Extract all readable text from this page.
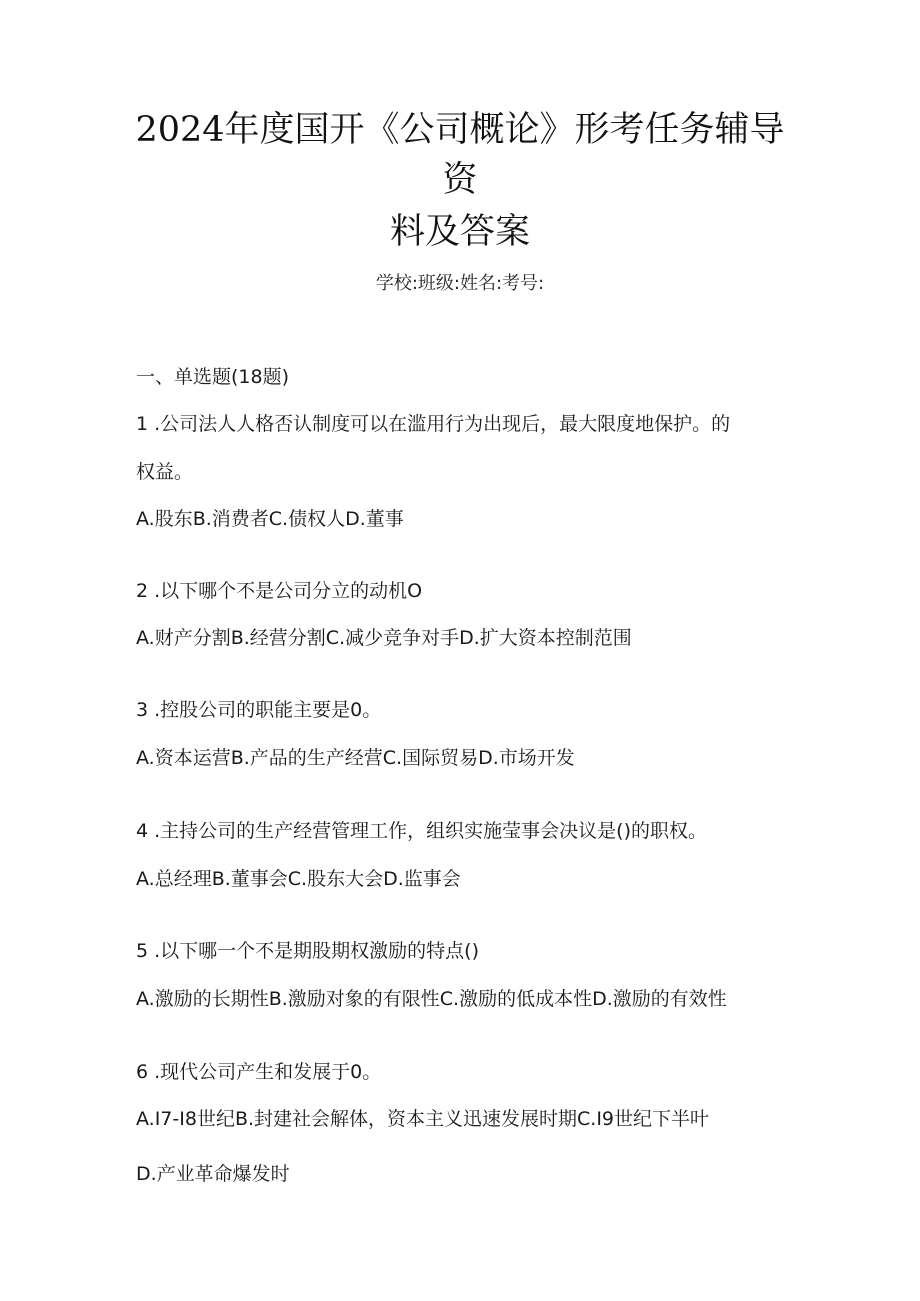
2024年度国开《公司概论》形考任务辅导
资
料及答案
学校:班级:姓名:考号:
一、单选题(18题)
1 .公司法人人格否认制度可以在滥用行为出现后，最大限度地保护。的
权益。
A.股东B.消费者C.债权人D.董事
2 .以下哪个不是公司分立的动机O
A.财产分割B.经营分割C.减少竞争对手D.扩大资本控制范围
3 .控股公司的职能主要是0。
A.资本运营B.产品的生产经营C.国际贸易D.市场开发
4 .主持公司的生产经营管理工作，组织实施莹事会决议是()的职权。
A.总经理B.董事会C.股东大会D.监事会
5 .以下哪一个不是期股期权激励的特点()
A.激励的长期性B.激励对象的有限性C.激励的低成本性D.激励的有效性
6 .现代公司产生和发展于0。
A.I7-I8世纪B.封建社会解体，资本主义迅速发展时期C.I9世纪下半叶
D.产业革命爆发时
